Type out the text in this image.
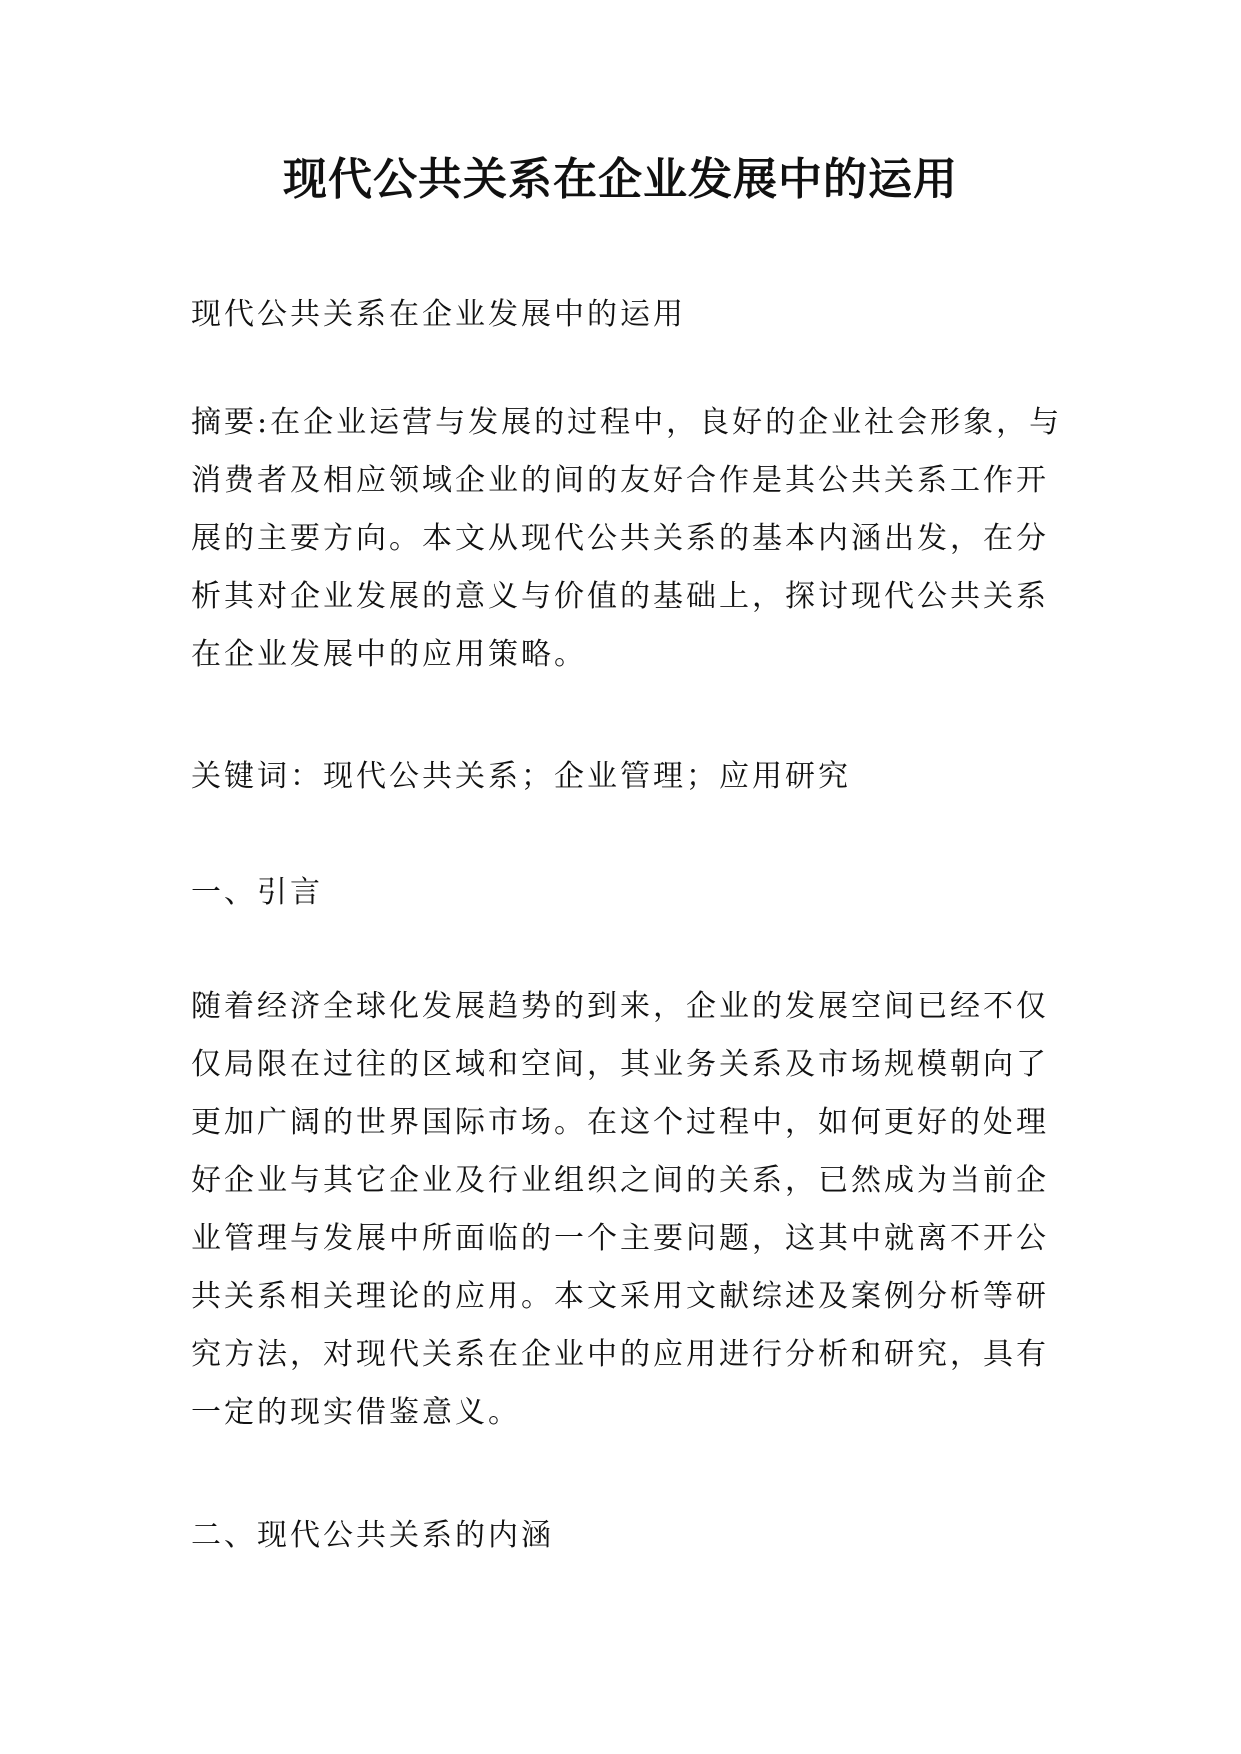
现代公共关系在企业发展中的运用

现代公共关系在企业发展中的运用

摘要:在企业运营与发展的过程中，良好的企业社会形象，与消费者及相应领域企业的间的友好合作是其公共关系工作开展的主要方向。本文从现代公共关系的基本内涵出发，在分析其对企业发展的意义与价值的基础上，探讨现代公共关系在企业发展中的应用策略。

关键词：现代公共关系；企业管理；应用研究

一、引言

随着经济全球化发展趋势的到来，企业的发展空间已经不仅仅局限在过往的区域和空间，其业务关系及市场规模朝向了更加广阔的世界国际市场。在这个过程中，如何更好的处理好企业与其它企业及行业组织之间的关系，已然成为当前企业管理与发展中所面临的一个主要问题，这其中就离不开公共关系相关理论的应用。本文采用文献综述及案例分析等研究方法，对现代关系在企业中的应用进行分析和研究，具有一定的现实借鉴意义。

二、现代公共关系的内涵
